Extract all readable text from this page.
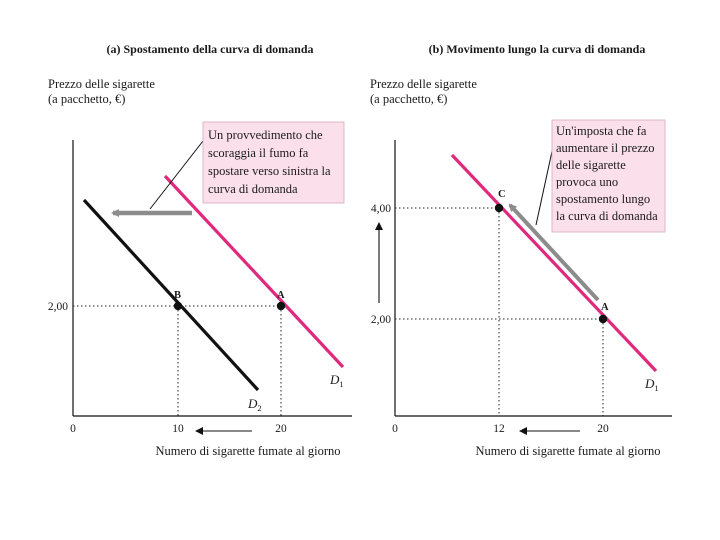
(a) Spostamento della curva di domanda
Prezzo delle sigarette
(a pacchetto, €)
0	10	20
2,00
Numero di sigarette fumate al giorno
A
B
$D_1$
$D_2$
Un provvedimento che
scoraggia il fumo fa
spostare verso sinistra la
curva di domanda
(b) Movimento lungo la curva di domanda
Prezzo delle sigarette
(a pacchetto, €)
0	12	20
4,00
2,00
Numero di sigarette fumate al giorno
C
A
$D_1$
Un'imposta che fa
aumentare il prezzo
delle sigarette
provoca uno
spostamento lungo
la curva di domanda
